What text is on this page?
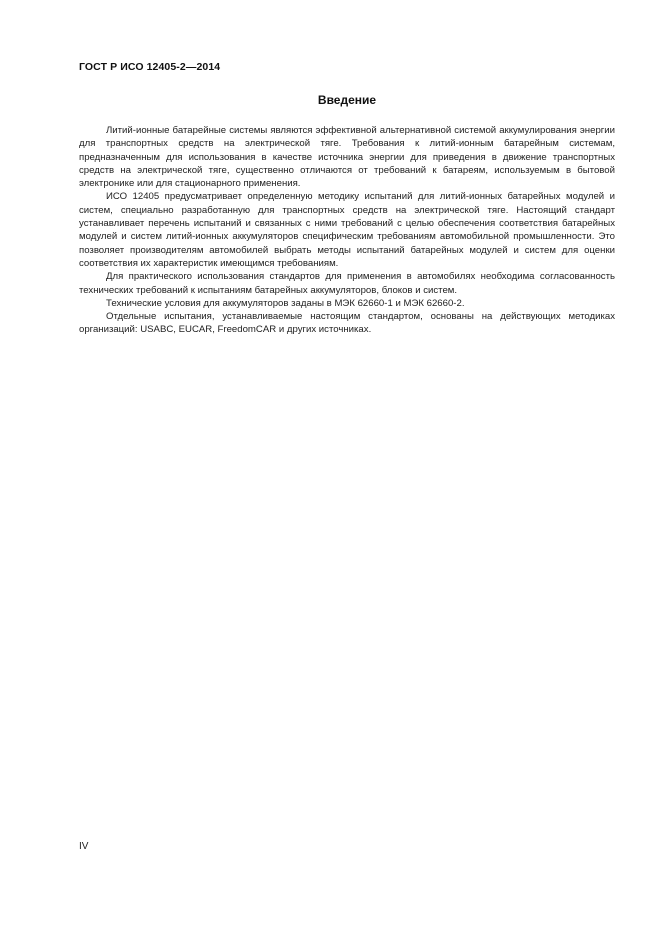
ГОСТ Р ИСО 12405-2—2014
Введение

Литий-ионные батарейные системы являются эффективной альтернативной системой аккумулирования энергии для транспортных средств на электрической тяге. Требования к литий-ионным батарейным системам, предназначенным для использования в качестве источника энергии для приведения в движение транспортных средств на электрической тяге, существенно отличаются от требований к батареям, используемым в бытовой электронике или для стационарного применения.

ИСО 12405 предусматривает определенную методику испытаний для литий-ионных батарейных модулей и систем, специально разработанную для транспортных средств на электрической тяге. Настоящий стандарт устанавливает перечень испытаний и связанных с ними требований с целью обеспечения соответствия батарейных модулей и систем литий-ионных аккумуляторов специфическим требованиям автомобильной промышленности. Это позволяет производителям автомобилей выбрать методы испытаний батарейных модулей и систем для оценки соответствия их характеристик имеющимся требованиям.

Для практического использования стандартов для применения в автомобилях необходима согласованность технических требований к испытаниям батарейных аккумуляторов, блоков и систем.

Технические условия для аккумуляторов заданы в МЭК 62660-1 и МЭК 62660-2.

Отдельные испытания, устанавливаемые настоящим стандартом, основаны на действующих методиках организаций: USABC, EUCAR, FreedomCAR и других источниках.

IV
